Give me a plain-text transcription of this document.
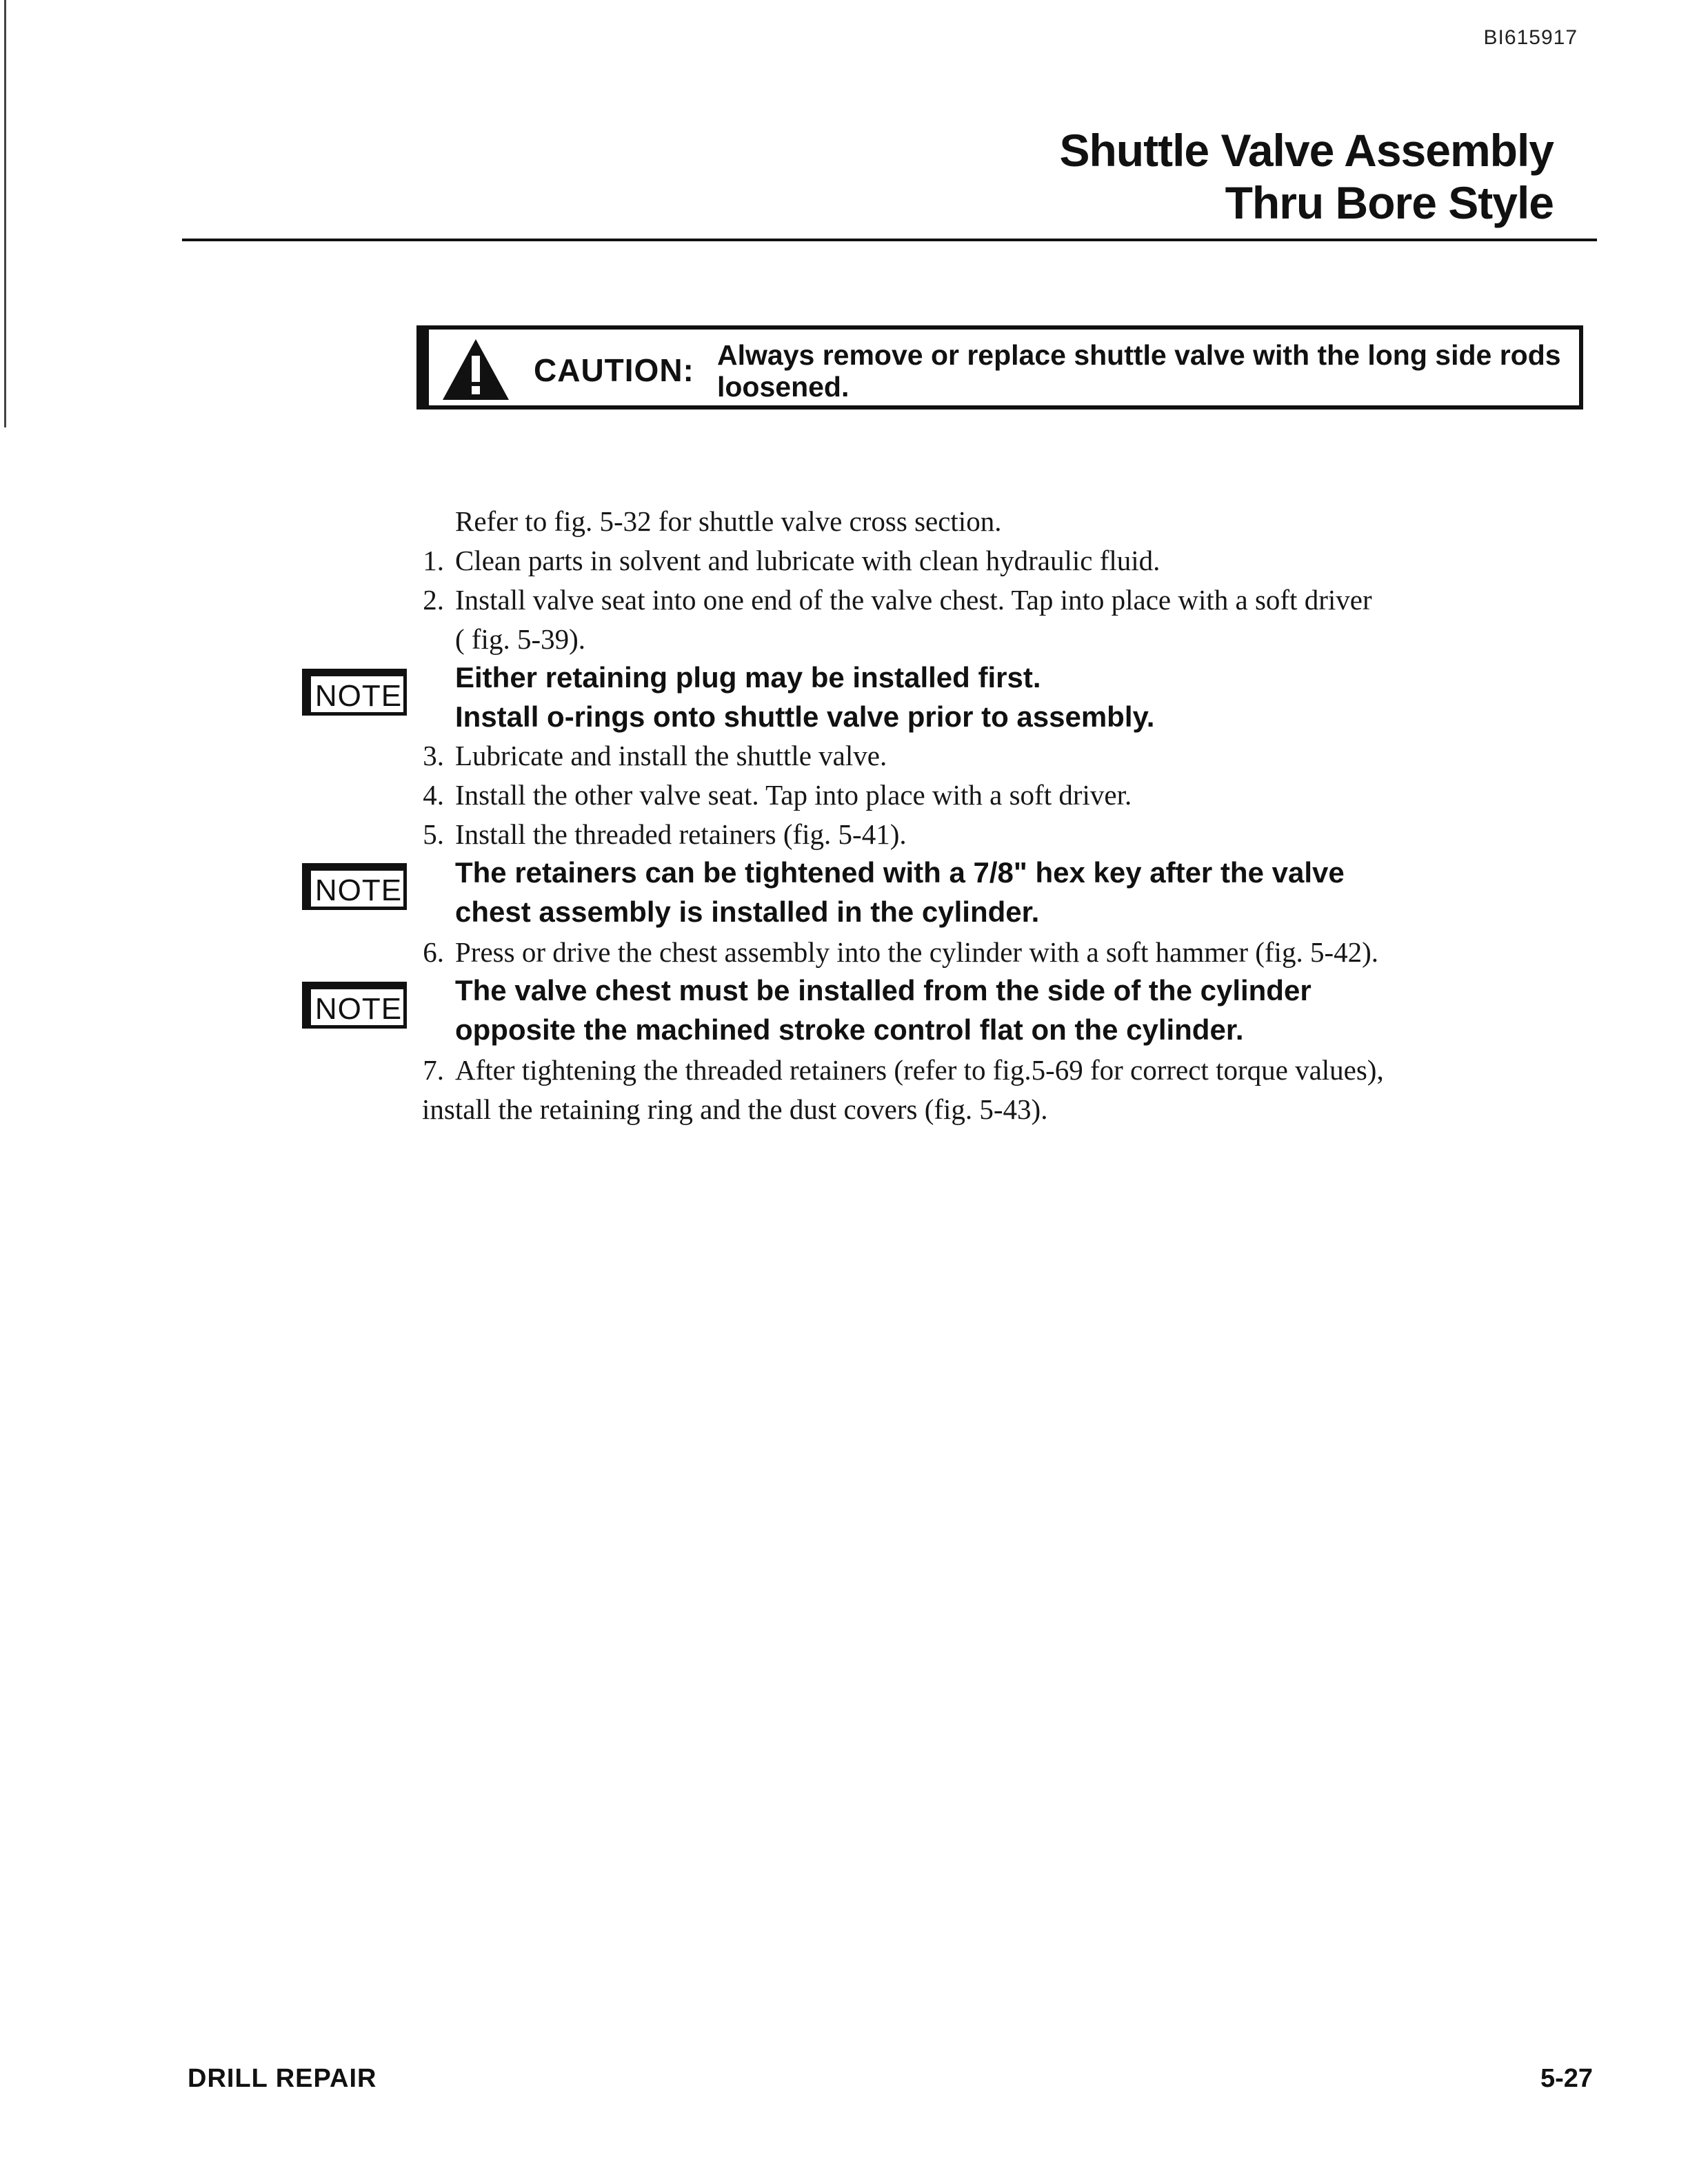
BI615917
Shuttle Valve Assembly
Thru Bore Style
CAUTION: Always remove or replace shuttle valve with the long side rods loosened.
Refer to fig. 5-32 for shuttle valve cross section.
1. Clean parts in solvent and lubricate with clean hydraulic fluid.
2. Install valve seat into one end of the valve chest. Tap into place with a soft driver
( fig. 5-39).
3. Lubricate and install the shuttle valve.
4. Install the other valve seat. Tap into place with a soft driver.
5. Install the threaded retainers (fig. 5-41).
6. Press or drive the chest assembly into the cylinder with a soft hammer (fig. 5-42).
7. After tightening the threaded retainers (refer to fig.5-69 for correct torque values),
install the retaining ring and the dust covers (fig. 5-43).
NOTE
Either retaining plug may be installed first.
Install o-rings onto shuttle valve prior to assembly.
NOTE
The retainers can be tightened with a 7/8" hex key after the valve
chest assembly is installed in the cylinder.
NOTE
The valve chest must be installed from the side of the cylinder
opposite the machined stroke control flat on the cylinder.
DRILL REPAIR	5-27
